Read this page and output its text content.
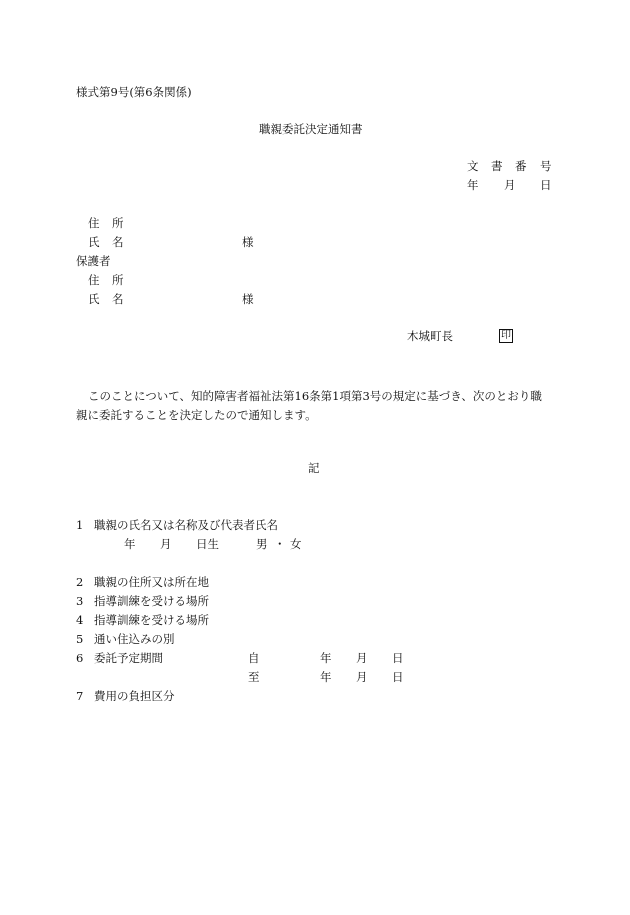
様式第9号(第6条関係)
職親委託決定通知書
文 書 番 号
年 月 日
住 所
氏 名	様
保護者
住 所
氏 名	様
木城町長	印
このことについて、知的障害者福祉法第16条第1項第3号の規定に基づき、次のとおり職
親に委託することを決定したので通知します。
記
1 職親の氏名又は名称及び代表者氏名
年 月 日生	男 ・ 女
2 職親の住所又は所在地
3 指導訓練を受ける場所
4 指導訓練を受ける場所
5 通い住込みの別
6 委託予定期間	自	年 月 日
至	年 月 日
7 費用の負担区分
